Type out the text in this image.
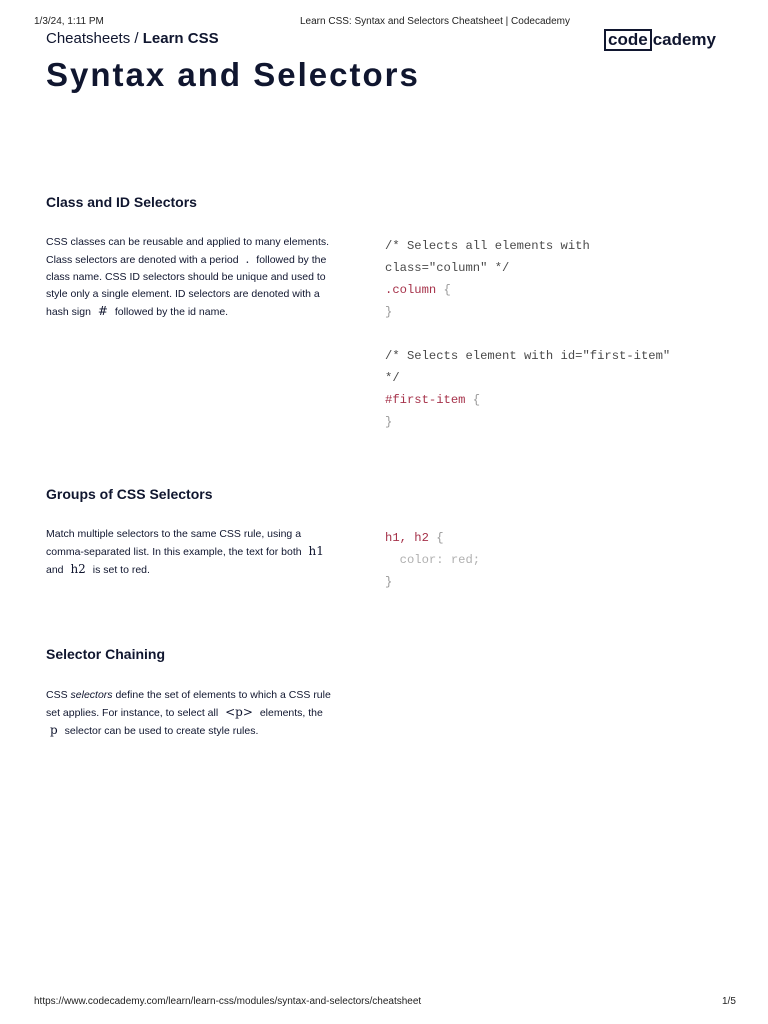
1/3/24, 1:11 PM	Learn CSS: Syntax and Selectors Cheatsheet | Codecademy
Cheatsheets / Learn CSS	code cademy
Syntax and Selectors
Class and ID Selectors
CSS classes can be reusable and applied to many elements. Class selectors are denoted with a period . followed by the class name. CSS ID selectors should be unique and used to style only a single element. ID selectors are denoted with a hash sign # followed by the id name.
/* Selects all elements with
class="column" */
.column {
}

/* Selects element with id="first-item"
*/
#first-item {
}
Groups of CSS Selectors
Match multiple selectors to the same CSS rule, using a comma-separated list. In this example, the text for both h1 and h2 is set to red.
h1, h2 {
color: red;
}
Selector Chaining
CSS selectors define the set of elements to which a CSS rule set applies. For instance, to select all <p> elements, the p selector can be used to create style rules.
https://www.codecademy.com/learn/learn-css/modules/syntax-and-selectors/cheatsheet	1/5
